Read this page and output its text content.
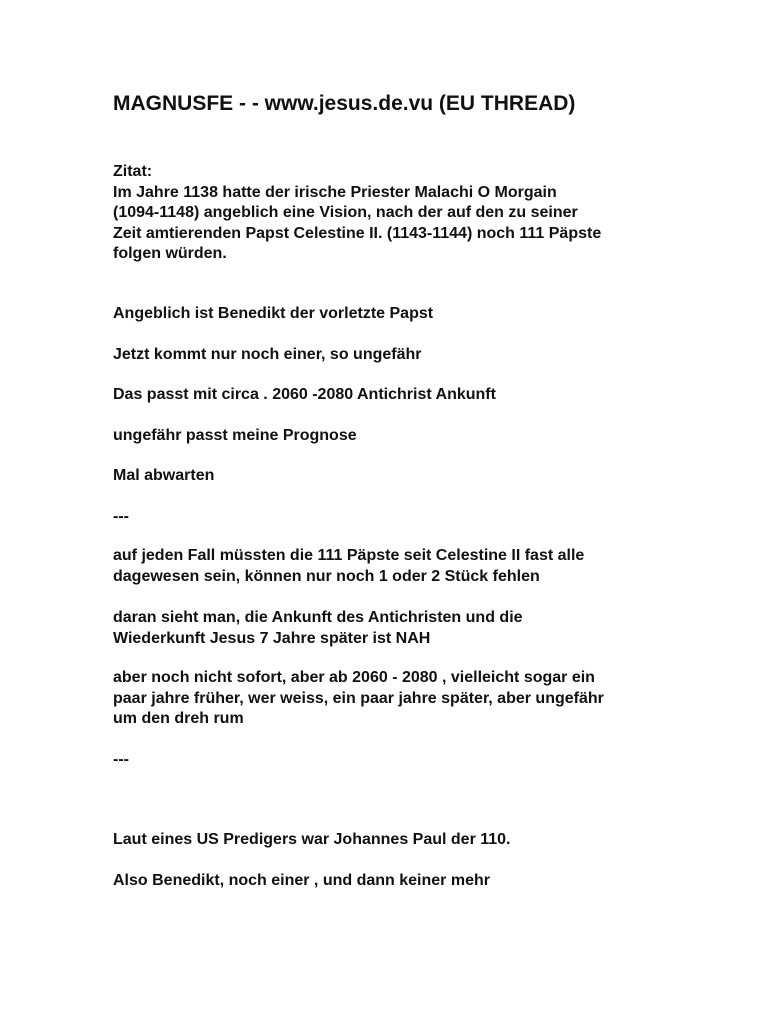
MAGNUSFE - - www.jesus.de.vu (EU THREAD)
Zitat:
Im Jahre 1138 hatte der irische Priester Malachi O Morgain
(1094-1148) angeblich eine Vision, nach der auf den zu seiner
Zeit amtierenden Papst Celestine II. (1143-1144) noch 111 Päpste
folgen würden.
Angeblich ist Benedikt der vorletzte Papst
Jetzt kommt nur noch einer, so ungefähr
Das passt mit circa . 2060 -2080 Antichrist Ankunft
ungefähr passt meine Prognose
Mal abwarten
---
auf jeden Fall müssten die 111 Päpste seit Celestine II fast alle
dagewesen sein, können nur noch 1 oder 2 Stück fehlen
daran sieht man, die Ankunft des Antichristen und die
Wiederkunft Jesus 7 Jahre später ist NAH
aber noch nicht sofort, aber ab 2060 - 2080 , vielleicht sogar ein
paar jahre früher, wer weiss, ein paar jahre später, aber ungefähr
um den dreh rum
---
Laut eines US Predigers war Johannes Paul der 110.
Also Benedikt, noch einer , und dann keiner mehr
